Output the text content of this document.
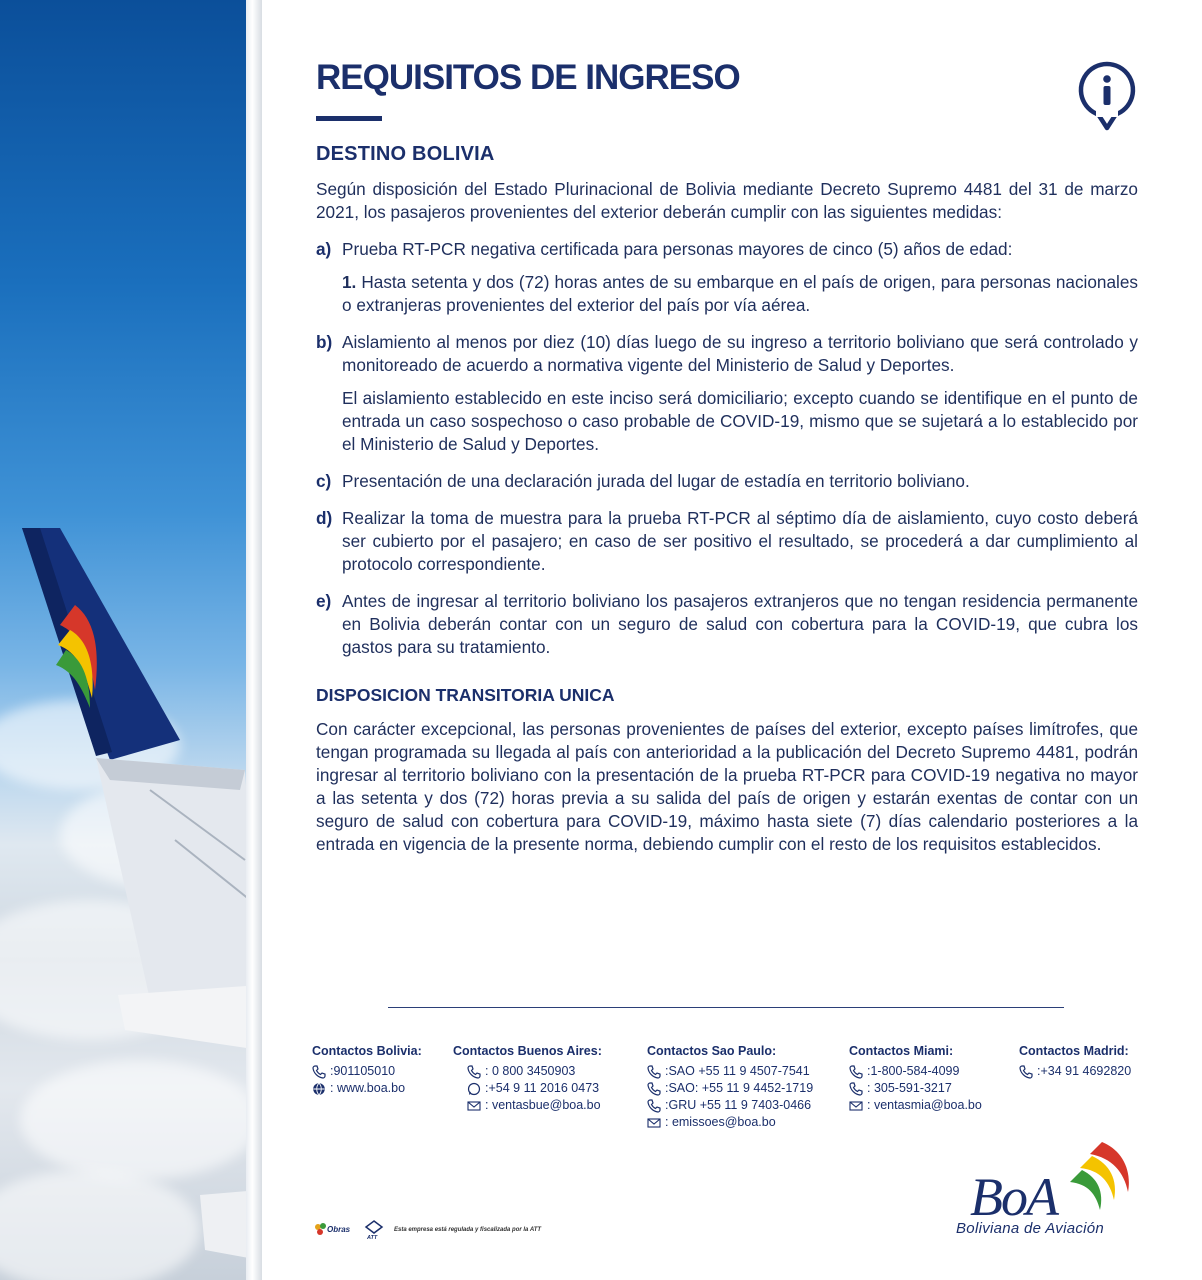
REQUISITOS DE INGRESO
DESTINO BOLIVIA

Según disposición del Estado Plurinacional de Bolivia mediante Decreto Supremo 4481 del 31 de marzo 2021, los pasajeros provenientes del exterior deberán cumplir con las siguientes medidas:

a) Prueba RT-PCR negativa certificada para personas mayores de cinco (5) años de edad:

1. Hasta setenta y dos (72) horas antes de su embarque en el país de origen, para personas nacionales o extranjeras provenientes del exterior del país por vía aérea.

b) Aislamiento al menos por diez (10) días luego de su ingreso a territorio boliviano que será controlado y monitoreado de acuerdo a normativa vigente del Ministerio de Salud y Deportes.

El aislamiento establecido en este inciso será domiciliario; excepto cuando se identifique en el punto de entrada un caso sospechoso o caso probable de COVID-19, mismo que se sujetará a lo establecido por el Ministerio de Salud y Deportes.

c) Presentación de una declaración jurada del lugar de estadía en territorio boliviano.

d) Realizar la toma de muestra para la prueba RT-PCR al séptimo día de aislamiento, cuyo costo deberá ser cubierto por el pasajero; en caso de ser positivo el resultado, se procederá a dar cumplimiento al protocolo correspondiente.

e) Antes de ingresar al territorio boliviano los pasajeros extranjeros que no tengan residencia permanente en Bolivia deberán contar con un seguro de salud con cobertura para la COVID-19, que cubra los gastos para su tratamiento.

DISPOSICION TRANSITORIA UNICA

Con carácter excepcional, las personas provenientes de países del exterior, excepto países limítrofes, que tengan programada su llegada al país con anterioridad a la publicación del Decreto Supremo 4481, podrán ingresar al territorio boliviano con la presentación de la prueba RT-PCR para COVID-19 negativa no mayor a las setenta y dos (72) horas previa a su salida del país de origen y estarán exentas de contar con un seguro de salud con cobertura para COVID-19, máximo hasta siete (7) días calendario posteriores a la entrada en vigencia de la presente norma, debiendo cumplir con el resto de los requisitos establecidos.

Contactos Bolivia:
:901105010
: www.boa.bo
Contactos Buenos Aires:
: 0 800 3450903
:+54 9 11 2016 0473
: ventasbue@boa.bo
Contactos Sao Paulo:
:SAO +55 11 9 4507-7541
:SAO: +55 11 9 4452-1719
:GRU +55 11 9 7403-0466
: emissoes@boa.bo
Contactos Miami:
:1-800-584-4099
: 305-591-3217
: ventasmia@boa.bo
Contactos Madrid:
:+34 91 4692820
Obras
ATT
Esta empresa está regulada y fiscalizada por la ATT
BoA
Boliviana de Aviación
